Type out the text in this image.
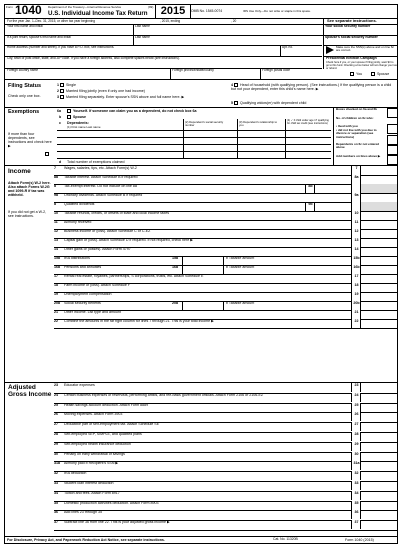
Form 1040 Department of the Treasury—Internal Revenue Service	(99)
U.S. Individual Income Tax Return	2015	OMB No. 1545-0074	IRS Use Only—Do not write or staple in this space.
For the year Jan. 1–Dec. 31, 2015, or other tax year beginning	, 2015, ending	, 20	See separate instructions.
Your first name and initial	Last name	Your social security number
If a joint return, spouse's first name and initial	Last name	Spouse's social security number
Home address (number and street). If you have a P.O. box, see instructions.	Apt. no.	Make sure the SSN(s) above and on line 6c are correct.
City, town or post office, state, and ZIP code. If you have a foreign address, also complete spaces below (see instructions).	Presidential Election Campaign
Check here if you, or your spouse if filing jointly, want $3 to go to this fund. Checking a box below will not change your tax or refund.
Foreign country name	Foreign province/state/county	Foreign postal code
You	Spouse
Filing Status
Check only one box.
1 Single
2 Married filing jointly (even if only one had income)
3 Married filing separately. Enter spouse's SSN above and full name here. ▶
4 Head of household (with qualifying person). (See instructions.) If the qualifying person is a child but not your dependent, enter this child's name here. ▶
5 Qualifying widow(er) with dependent child
Exemptions	6a	Yourself. If someone can claim you as a dependent, do not check box 6a
b	Spouse
c Dependents:
(1) First name Last name
(2) Dependent's social security number
(3) Dependent's relationship to you
(4) ✓ if child under age 17 qualifying for child tax credit (see instructions)
If more than four dependents, see instructions and check here ▶
d Total number of exemptions claimed
Boxes checked on 6a and 6b
No. of children on 6c who:
• lived with you
• did not live with you due to divorce or separation (see instructions)
Dependents on 6c not entered above
Add numbers on lines above ▶
Income
Attach Form(s) W-2 here. Also attach Forms W-2G and 1099-R if tax was withheld.
If you did not get a W-2, see instructions.
7	Wages, salaries, tips, etc. Attach Form(s) W-2	7
8a	Taxable interest. Attach Schedule B if required	8a
b	Tax-exempt interest. Do not include on line 8a	8b
9a	Ordinary dividends. Attach Schedule B if required	9a
b	Qualified dividends	9b
10	Taxable refunds, credits, or offsets of state and local income taxes	10
11	Alimony received	11
12	Business income or (loss). Attach Schedule C or C-EZ	12
13	Capital gain or (loss). Attach Schedule D if required. If not required, check here ▶	13
14	Other gains or (losses). Attach Form 4797	14
15a	IRA distributions	15a	b Taxable amount	15b
16a	Pensions and annuities	16a	b Taxable amount	16b
17	Rental real estate, royalties, partnerships, S corporations, trusts, etc. Attach Schedule E	17
18	Farm income or (loss). Attach Schedule F	18
19	Unemployment compensation	19
20a	Social security benefits	20a	b Taxable amount	20b
21	Other income. List type and amount	21
22	Combine the amounts in the far right column for lines 7 through 21. This is your total income ▶	22
Adjusted Gross Income
23	Educator expenses	23
24	Certain business expenses of reservists, performing artists, and fee-basis government officials. Attach Form 2106 or 2106-EZ	24
25	Health savings account deduction. Attach Form 8889	25
26	Moving expenses. Attach Form 3903	26
27	Deductible part of self-employment tax. Attach Schedule SE	27
28	Self-employed SEP, SIMPLE, and qualified plans	28
29	Self-employed health insurance deduction	29
30	Penalty on early withdrawal of savings	30
31a	Alimony paid b Recipient's SSN ▶	31a
32	IRA deduction	32
33	Student loan interest deduction	33
34	Tuition and fees. Attach Form 8917	34
35	Domestic production activities deduction. Attach Form 8903	35
36	Add lines 23 through 35	36
37	Subtract line 36 from line 22. This is your adjusted gross income ▶	37
For Disclosure, Privacy Act, and Paperwork Reduction Act Notice, see separate instructions.	Cat. No. 11320B	Form 1040 (2015)
